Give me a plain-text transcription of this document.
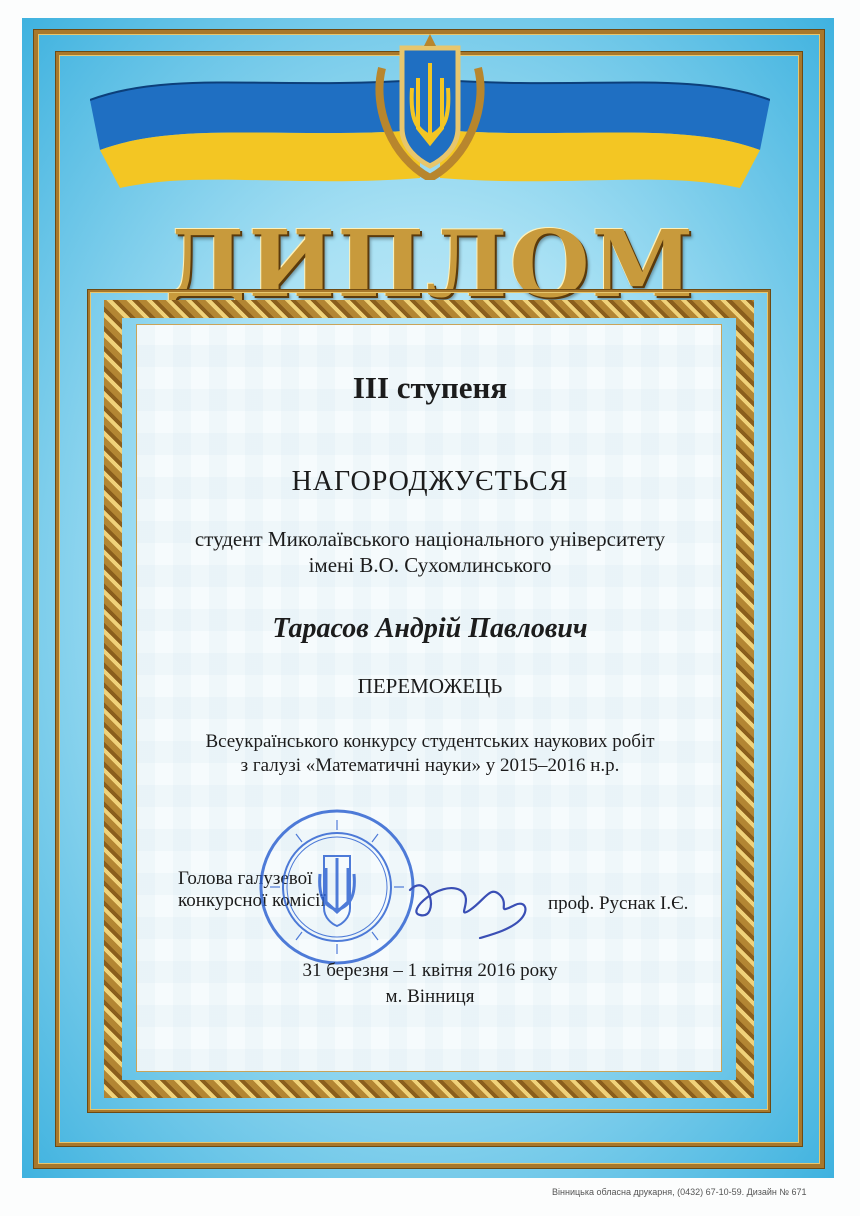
ДИПЛОМ
ІІІ ступеня
НАГОРОДЖУЄТЬСЯ
студент Миколаївського національного університету
імені В.О. Сухомлинського
Тарасов Андрій Павлович
ПЕРЕМОЖЕЦЬ
Всеукраїнського конкурсу студентських наукових робіт
з галузі «Математичні науки» у 2015–2016 н.р.
Голова галузевої
конкурсної комісії	проф. Руснак І.Є.
31 березня – 1 квітня 2016 року
м. Вінниця
Вінницька обласна друкарня, (0432) 67-10-59. Дизайн № 671
